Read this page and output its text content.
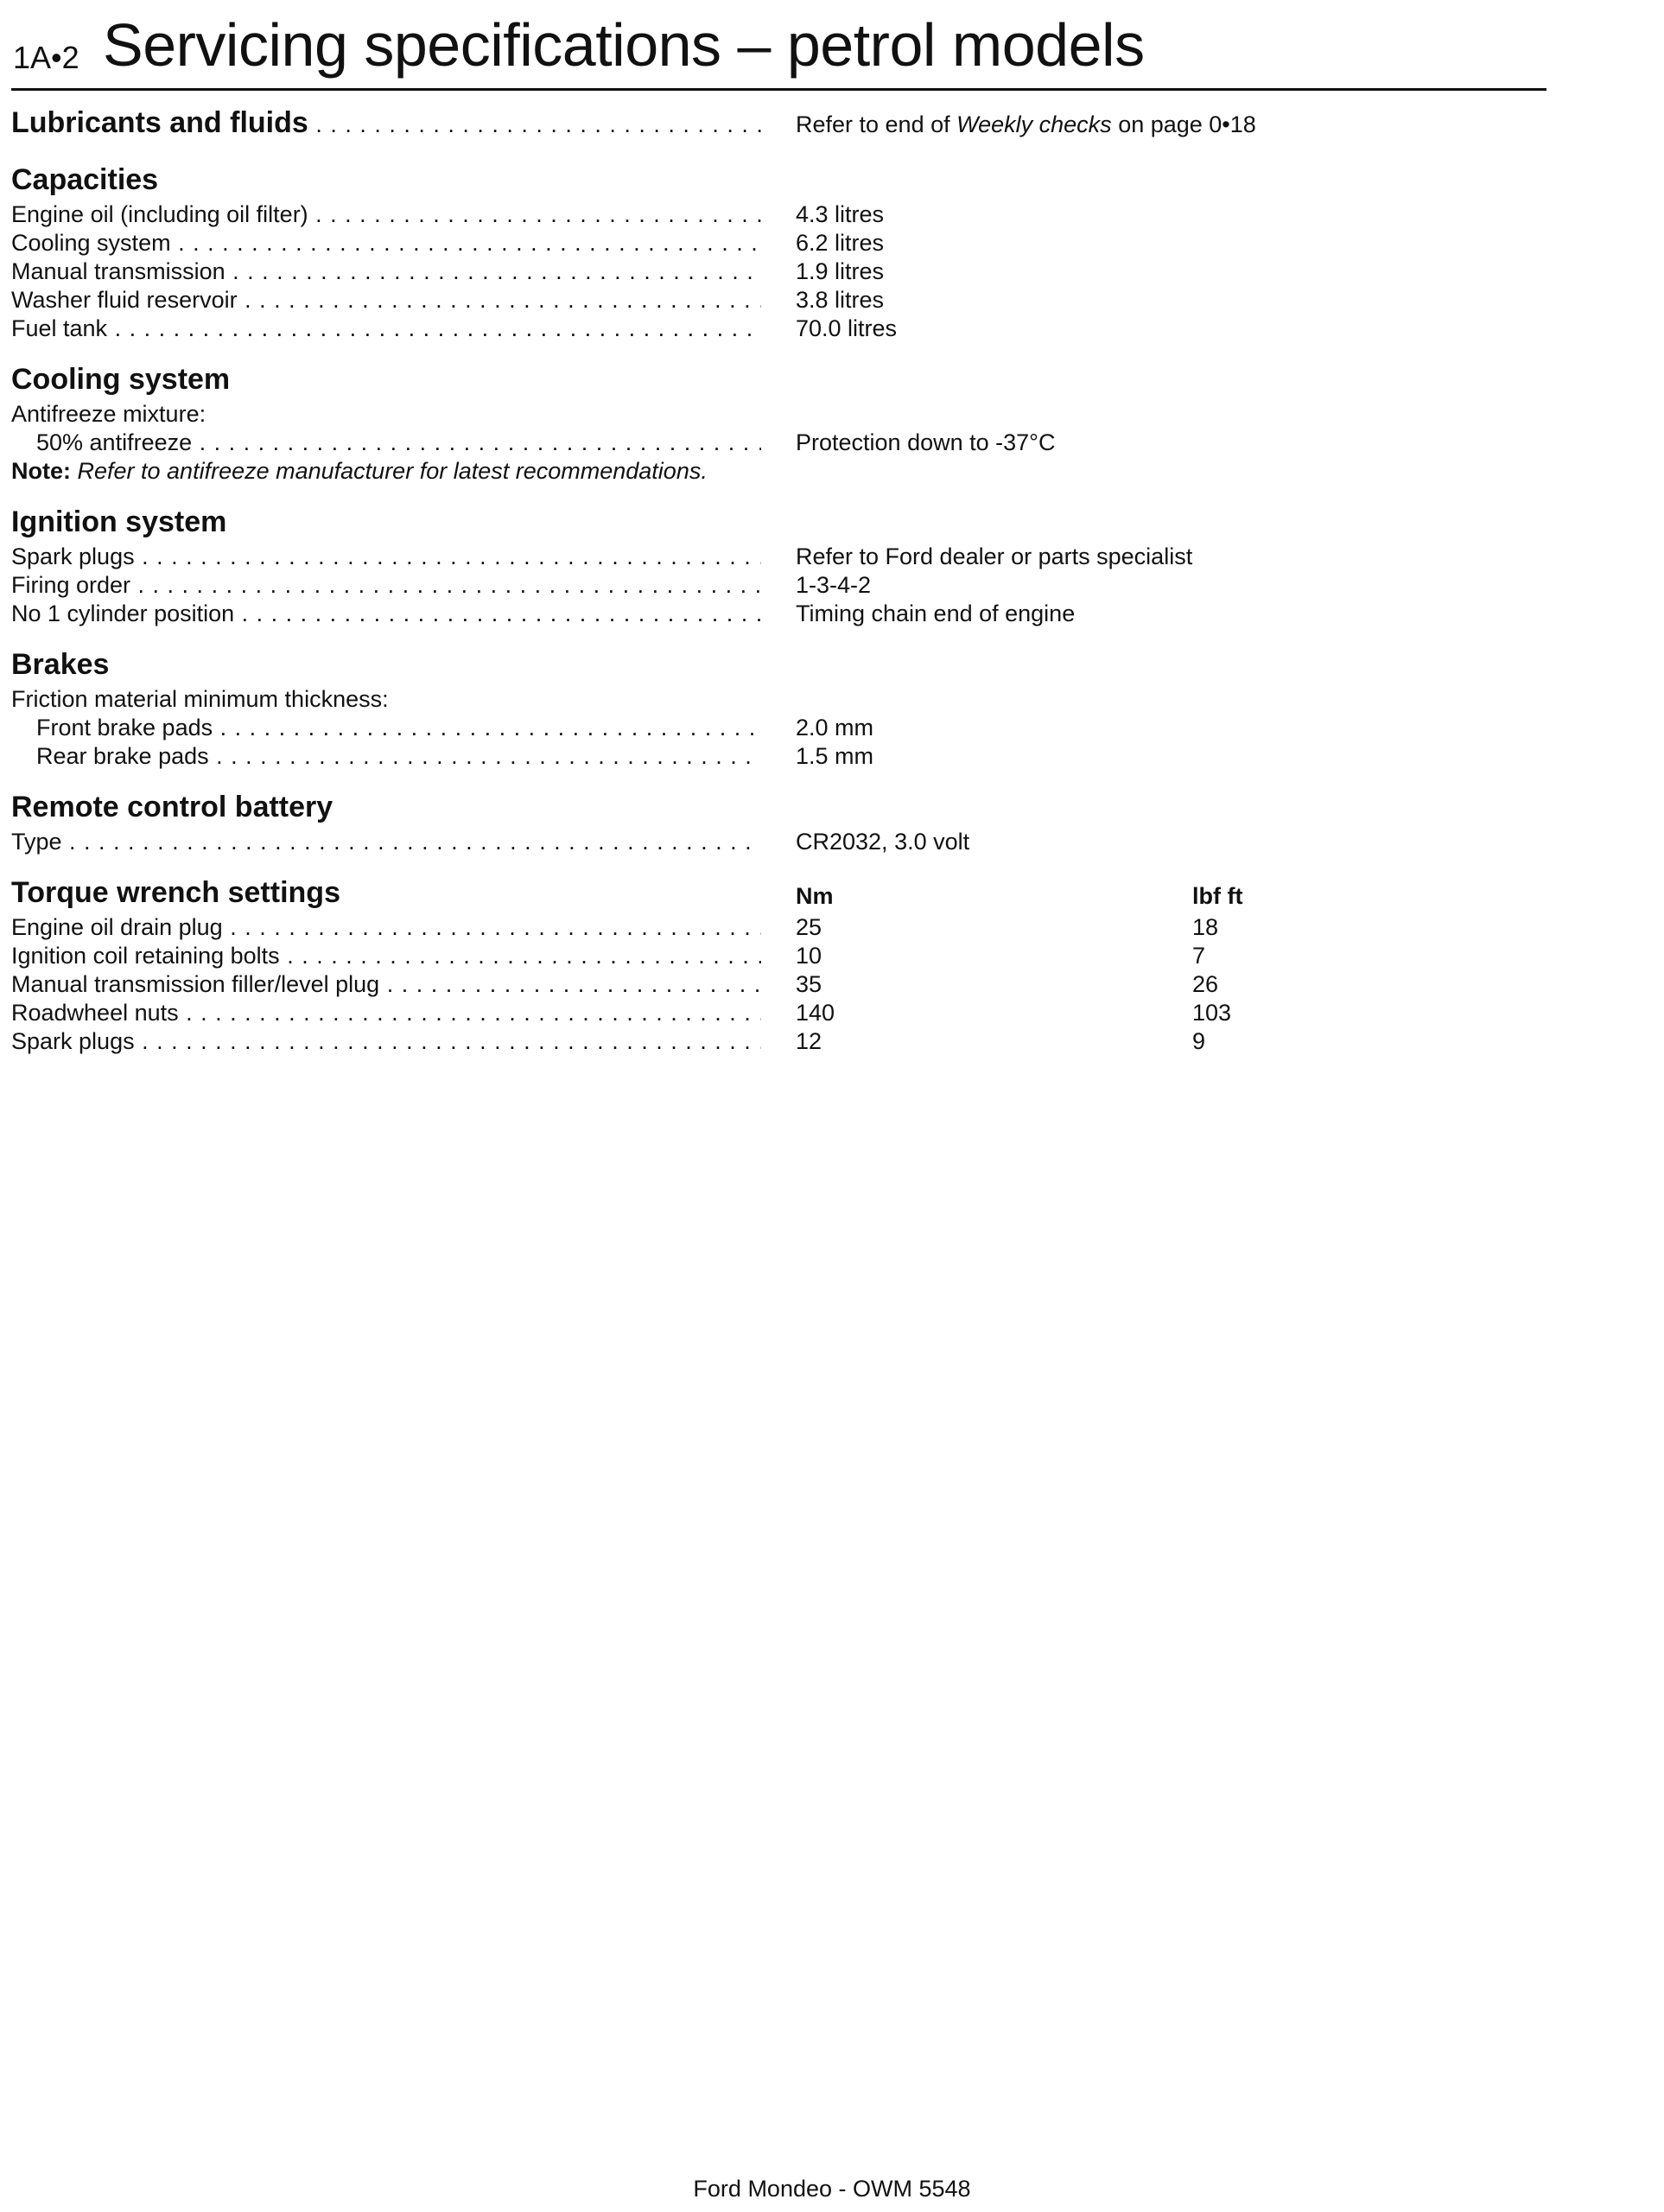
1A•2 Servicing specifications – petrol models
Lubricants and fluids . . .	Refer to end of Weekly checks on page 0•18
Capacities
Engine oil (including oil filter) . . .	4.3 litres
Cooling system . . .	6.2 litres
Manual transmission . . .	1.9 litres
Washer fluid reservoir . . .	3.8 litres
Fuel tank . . .	70.0 litres
Cooling system
Antifreeze mixture:
50% antifreeze . . .	Protection down to -37°C
Note: Refer to antifreeze manufacturer for latest recommendations.
Ignition system
Spark plugs . . .	Refer to Ford dealer or parts specialist
Firing order . . .	1-3-4-2
No 1 cylinder position . . .	Timing chain end of engine
Brakes
Friction material minimum thickness:
Front brake pads . . .	2.0 mm
Rear brake pads . . .	1.5 mm
Remote control battery
Type . . .	CR2032, 3.0 volt
Torque wrench settings	Nm	lbf ft
Engine oil drain plug . . .	25	18
Ignition coil retaining bolts . . .	10	7
Manual transmission filler/level plug . . .	35	26
Roadwheel nuts . . .	140	103
Spark plugs . . .	12	9
Ford Mondeo - OWM 5548
